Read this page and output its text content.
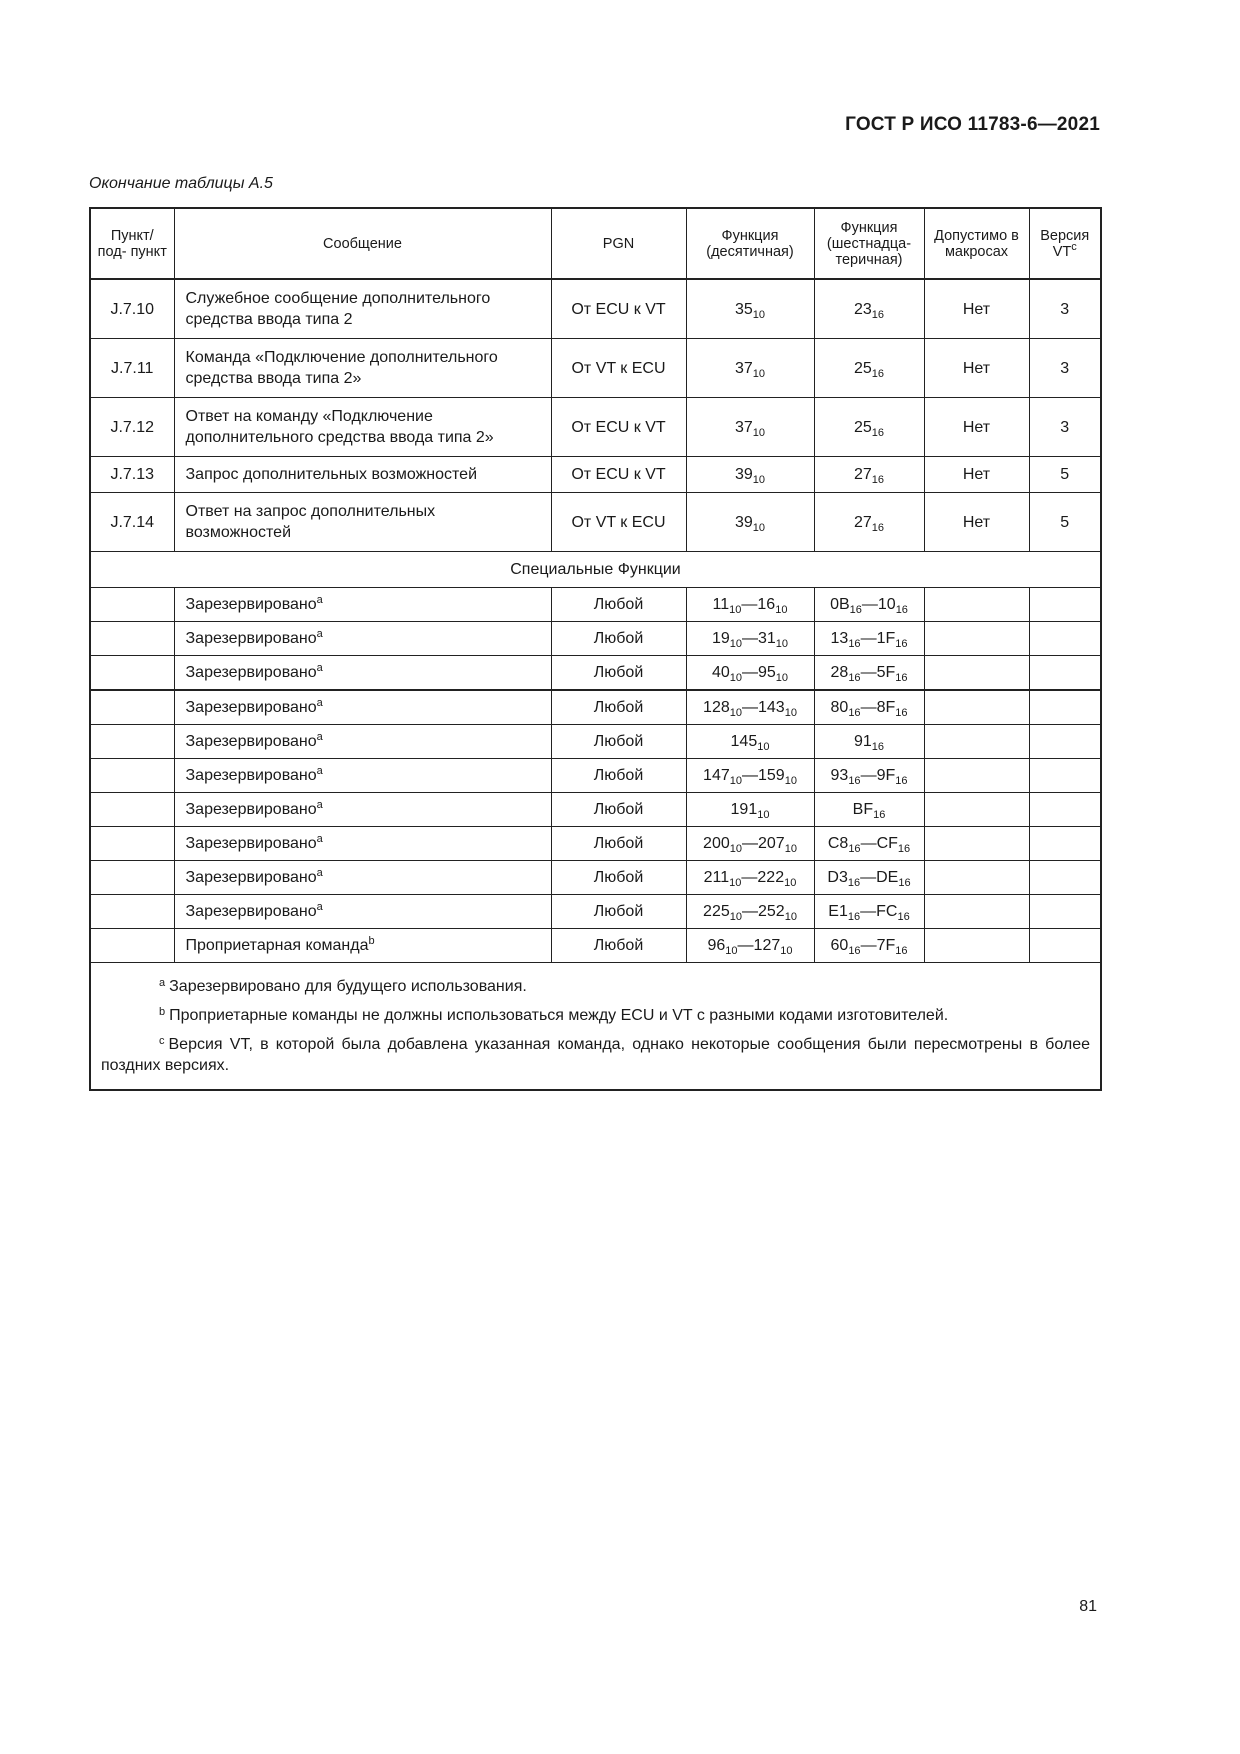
ГОСТ Р ИСО 11783-6—2021
Окончание таблицы А.5
Пункт/ под- пункт	Сообщение	PGN	Функция (десятичная)	Функция (шестнадца- теричная)	Допустимо в макросах	Версия $VT^c$
J.7.10	Служебное сообщение дополнительного средства ввода типа 2	От ECU к VT	$35_{10}$	$23_{16}$	Нет	3
J.7.11	Команда «Подключение дополнительного средства ввода типа 2»	От VT к ECU	$37_{10}$	$25_{16}$	Нет	3
J.7.12	Ответ на команду «Подключение дополнительного средства ввода типа 2»	От ECU к VT	$37_{10}$	$25_{16}$	Нет	3
J.7.13	Запрос дополнительных возможностей	От ECU к VT	$39_{10}$	$27_{16}$	Нет	5
J.7.14	Ответ на запрос дополнительных возможностей	От VT к ECU	$39_{10}$	$27_{16}$	Нет	5
Специальные Функции						
	Зарезервировано$^a$	Любой	$11_{10}—16_{10}$	$0B_{16}—10_{16}$		
	Зарезервировано$^a$	Любой	$19_{10}—31_{10}$	$13_{16}—1F_{16}$		
	Зарезервировано$^a$	Любой	$40_{10}—95_{10}$	$28_{16}—5F_{16}$		
	Зарезервировано$^a$	Любой	$128_{10}—143_{10}$	$80_{16}—8F_{16}$		
	Зарезервировано$^a$	Любой	$145_{10}$	$91_{16}$		
	Зарезервировано$^a$	Любой	$147_{10}—159_{10}$	$93_{16}—9F_{16}$		
	Зарезервировано$^a$	Любой	$191_{10}$	$BF_{16}$		
	Зарезервировано$^a$	Любой	$200_{10}—207_{10}$	$C8_{16}—CF_{16}$		
	Зарезервировано$^a$	Любой	$211_{10}—222_{10}$	$D3_{16}—DE_{16}$		
	Зарезервировано$^a$	Любой	$225_{10}—252_{10}$	$E1_{16}—FC_{16}$		
	Проприетарная команда$^b$	Любой	$96_{10}—127_{10}$	$60_{16}—7F_{16}$		

$^a$ Зарезервировано для будущего использования.
$^b$ Проприетарные команды не должны использоваться между ECU и VT с разными кодами изготовителей.
$^c$ Версия VT, в которой была добавлена указанная команда, однако некоторые сообщения были пересмотрены в более поздних версиях.						
81
